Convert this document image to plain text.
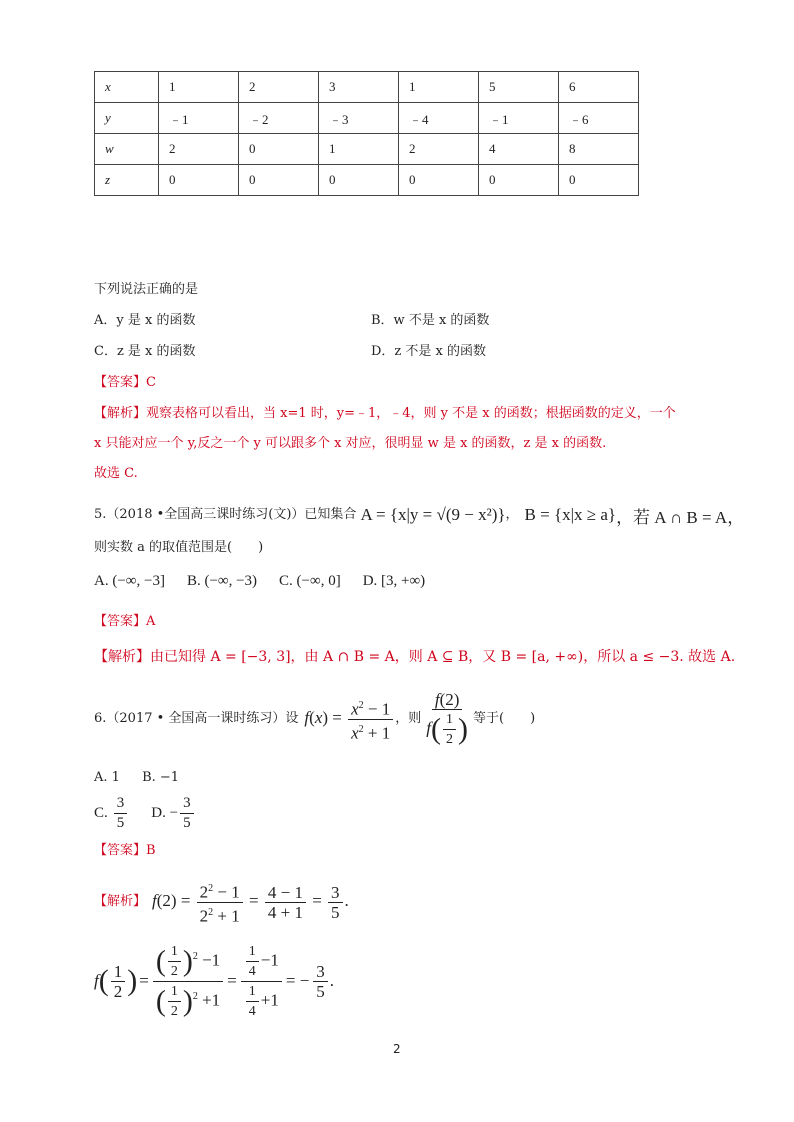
x	1	2	3	1	5	6
y	﹣1	﹣2	﹣3	﹣4	﹣1	﹣6
w	2	0	1	2	4	8
z	0	0	0	0	0	0
下列说法正确的是
A．y 是 x 的函数	B．w 不是 x 的函数
C．z 是 x 的函数	D．z 不是 x 的函数
【答案】C
【解析】观察表格可以看出，当 x=1 时，y=﹣1，﹣4，则 y 不是 x 的函数；根据函数的定义，一个
x 只能对应一个 y,反之一个 y 可以跟多个 x 对应，很明显 w 是 x 的函数，z 是 x 的函数.
故选 C.
5.（2018 •全国高三课时练习(文)）已知集合 A = {x|y = √(9 − x²)} ， B = {x|x ≥ a} ，若 A ∩ B = A，
则实数 a 的取值范围是(　　)
A. (−∞, −3] B. (−∞, −3) C. (−∞, 0] D. [3, +∞)
【答案】A
【解析】由已知得 A = [−3, 3]，由 A ∩ B = A，则 A ⊆ B，又 B = [a, +∞)，所以 a ≤ −3. 故选 A.
6.（2017 • 全国高一课时练习）设 $f(x) = \frac{x^2 - 1}{x^2 + 1}$ ，则 $\frac{f(2)}{f( \frac{1}{2} )}$ 等于(　　)
A. 1 B. −1
C. $\frac{3}{5} D$. − $\frac{3}{5}$
【答案】B
【解析】 $f(2) = \frac{2^2 - 1}{2^2 + 1} = \frac{4 - 1}{4 + 1} = \frac{3}{5}$ .
f ( $\frac{1}{2}$ ) = $\frac{( \frac{1}{2} )^2 -1}{( \frac{1}{2} )^2 +1} = \frac{\frac{1}{4} -1}{\frac{1}{4} +1}$ = − $\frac{3}{5}$ .
2
